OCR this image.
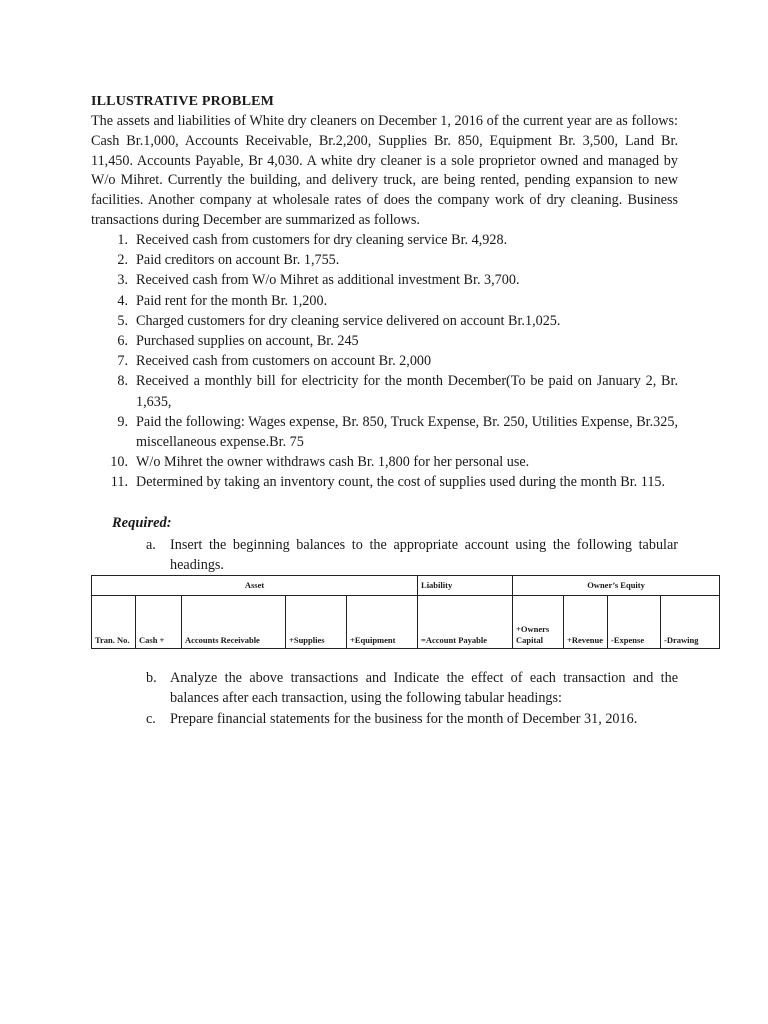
ILLUSTRATIVE PROBLEM
The assets and liabilities of White dry cleaners on December 1, 2016 of the current year are as follows: Cash Br.1,000, Accounts Receivable, Br.2,200, Supplies Br. 850, Equipment Br. 3,500, Land Br. 11,450. Accounts Payable, Br 4,030. A white dry cleaner is a sole proprietor owned and managed by W/o Mihret. Currently the building, and delivery truck, are being rented, pending expansion to new facilities. Another company at wholesale rates of does the company work of dry cleaning. Business transactions during December are summarized as follows.
1. Received cash from customers for dry cleaning service Br. 4,928.
2. Paid creditors on account Br. 1,755.
3. Received cash from W/o Mihret as additional investment Br. 3,700.
4. Paid rent for the month Br. 1,200.
5. Charged customers for dry cleaning service delivered on account Br.1,025.
6. Purchased supplies on account, Br. 245
7. Received cash from customers on account Br. 2,000
8. Received a monthly bill for electricity for the month December(To be paid on January 2, Br. 1,635,
9. Paid the following: Wages expense, Br. 850, Truck Expense, Br. 250, Utilities Expense, Br.325, miscellaneous expense.Br. 75
10. W/o Mihret the owner withdraws cash Br. 1,800 for her personal use.
11. Determined by taking an inventory count, the cost of supplies used during the month Br. 115.
Required:
a. Insert the beginning balances to the appropriate account using the following tabular headings.
Asset					Liability	Owner’s Equity			
Tran. No.	Cash +	Accounts Receivable	+Supplies	+Equipment	=Account Payable	+Owners Capital	+Revenue	-Expense	-Drawing
b. Analyze the above transactions and Indicate the effect of each transaction and the balances after each transaction, using the following tabular headings:
c. Prepare financial statements for the business for the month of December 31, 2016.
